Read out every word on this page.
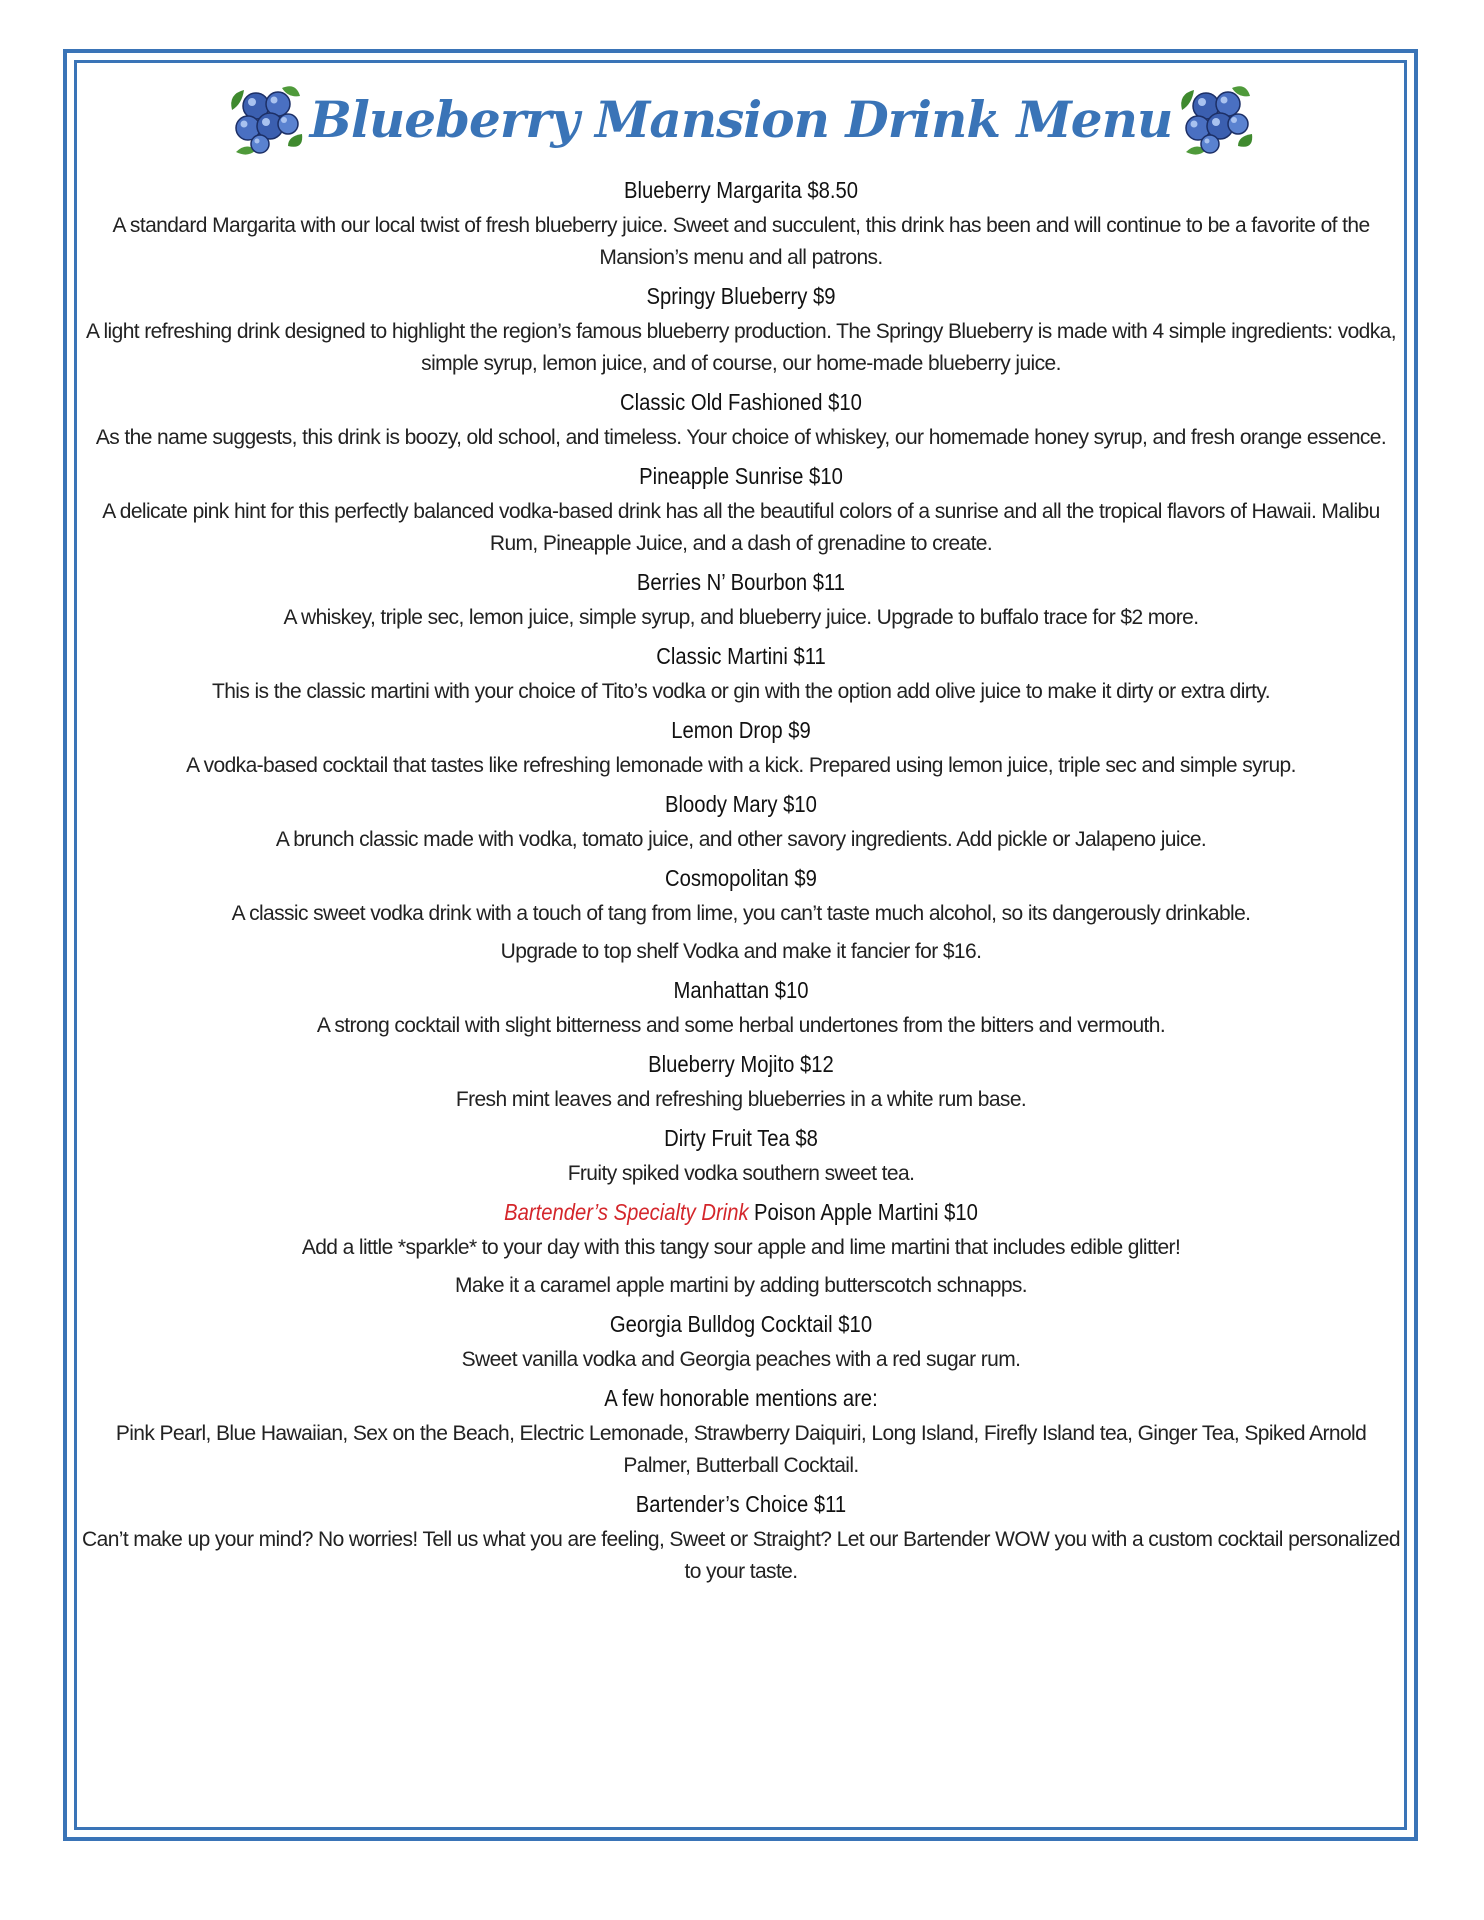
Blueberry Mansion Drink Menu

Blueberry Margarita $8.50

A standard Margarita with our local twist of fresh blueberry juice. Sweet and succulent, this drink has been and will continue to be a favorite of the Mansion’s menu and all patrons.

Springy Blueberry $9

A light refreshing drink designed to highlight the region’s famous blueberry production. The Springy Blueberry is made with 4 simple ingredients: vodka, simple syrup, lemon juice, and of course, our home-made blueberry juice.

Classic Old Fashioned $10

As the name suggests, this drink is boozy, old school, and timeless. Your choice of whiskey, our homemade honey syrup, and fresh orange essence.

Pineapple Sunrise $10

A delicate pink hint for this perfectly balanced vodka-based drink has all the beautiful colors of a sunrise and all the tropical flavors of Hawaii. Malibu Rum, Pineapple Juice, and a dash of grenadine to create.

Berries N’ Bourbon $11

A whiskey, triple sec, lemon juice, simple syrup, and blueberry juice. Upgrade to buffalo trace for $2 more.

Classic Martini $11

This is the classic martini with your choice of Tito’s vodka or gin with the option add olive juice to make it dirty or extra dirty.

Lemon Drop $9

A vodka-based cocktail that tastes like refreshing lemonade with a kick. Prepared using lemon juice, triple sec and simple syrup.

Bloody Mary $10

A brunch classic made with vodka, tomato juice, and other savory ingredients. Add pickle or Jalapeno juice.

Cosmopolitan $9

A classic sweet vodka drink with a touch of tang from lime, you can’t taste much alcohol, so its dangerously drinkable.

Upgrade to top shelf Vodka and make it fancier for $16.

Manhattan $10

A strong cocktail with slight bitterness and some herbal undertones from the bitters and vermouth.

Blueberry Mojito $12

Fresh mint leaves and refreshing blueberries in a white rum base.

Dirty Fruit Tea $8

Fruity spiked vodka southern sweet tea.

Bartender’s Specialty Drink Poison Apple Martini $10

Add a little *sparkle* to your day with this tangy sour apple and lime martini that includes edible glitter!

Make it a caramel apple martini by adding butterscotch schnapps.

Georgia Bulldog Cocktail $10

Sweet vanilla vodka and Georgia peaches with a red sugar rum.

A few honorable mentions are:

Pink Pearl, Blue Hawaiian, Sex on the Beach, Electric Lemonade, Strawberry Daiquiri, Long Island, Firefly Island tea, Ginger Tea, Spiked Arnold Palmer, Butterball Cocktail.

Bartender’s Choice $11

Can’t make up your mind? No worries! Tell us what you are feeling, Sweet or Straight? Let our Bartender WOW you with a custom cocktail personalized to your taste.
